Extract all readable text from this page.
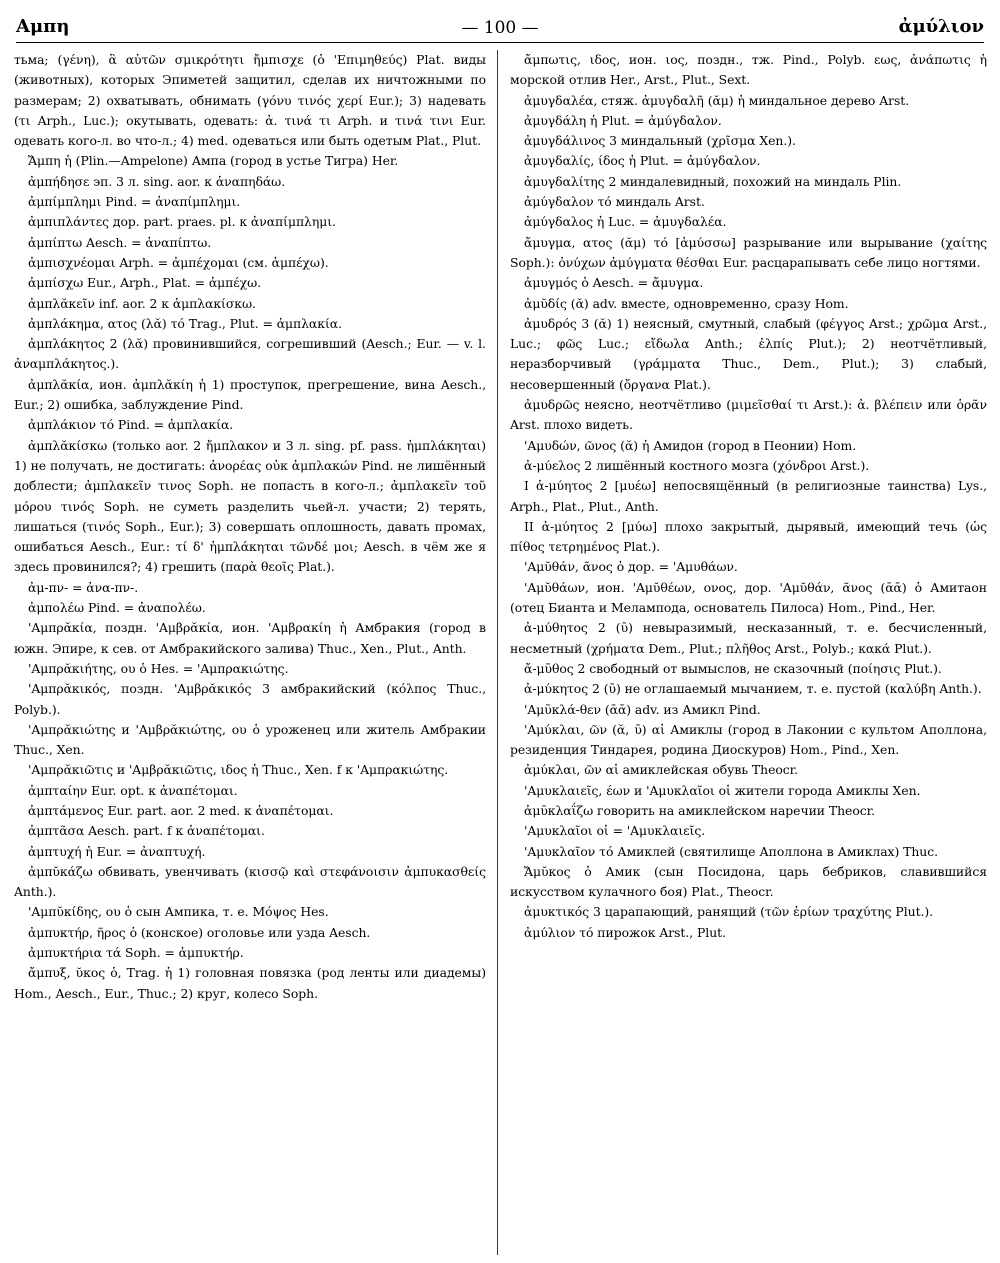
Αμπη	— 100 —	ἀμύλιον

тьма; (γένη), ἃ αὐτῶν σμικρότητι ἤμπισχε (ὁ 'Επιμηθεύς) Plat. виды (животных), которых Эпиметей защитил, сделав их ничтожными по размерам; 2) охватывать, обнимать (γόνυ τινός χερί Eur.); 3) надевать (τι Arph., Luc.); окутывать, одевать: ἀ. τινά τι Arph. и τινά τινι Eur. одевать кого-л. во что-л.; 4) med. одеваться или быть одетым Plat., Plut.

Ἄμπη ἡ (Plin.—Ampelone) Ампа (город в устье Тигра) Her.

ἀμπήδησε эп. 3 л. sing. aor. к ἀναπηδάω.

ἀμπίμπλημι Pind. = ἀναπίμπλημι.

ἀμπιπλάντες дор. part. praes. pl. к ἀναπίμπλημι.

ἀμπίπτω Aesch. = ἀναπίπτω.

ἀμπισχνέομαι Arph. = ἀμπέχομαι (см. ἀμπέχω).

ἀμπίσχω Eur., Arph., Plat. = ἀμπέχω.

ἀμπλᾰκεῖν inf. aor. 2 к ἀμπλακίσκω.

ἀμπλάκημα, ατος (λᾰ) τό Trag., Plut. = ἀμπλακία.

ἀμπλάκητος 2 (λᾰ) провинившийся, согрешивший (Aesch.; Eur. — v. l. ἀναμπλάκητος.).

ἀμπλᾰκία, ион. ἀμπλᾰκίη ἡ 1) проступок, прегрешение, вина Aesch., Eur.; 2) ошибка, заблуждение Pind.

ἀμπλάκιον τό Pind. = ἀμπλακία.

ἀμπλᾰκίσκω (только aor. 2 ἤμπλακον и 3 л. sing. pf. pass. ἠμπλάκηται) 1) не получать, не достигать: ἀνορέας οὐκ ἀμπλακών Pind. не лишённый доблести; ἀμπλακεῖν τινος Soph. не попасть в кого-л.; ἀμπλακεῖν τοῦ μόρου τινός Soph. не суметь разделить чьей-л. участи; 2) терять, лишаться (τινός Soph., Eur.); 3) совершать оплошность, давать промах, ошибаться Aesch., Eur.: τί δ' ἠμπλάκηται τῶνδέ μοι; Aesch. в чём же я здесь провинился?; 4) грешить (παρὰ θεοῖς Plat.).

ἀμ-πν- = ἀνα-πν-.

ἀμπολέω Pind. = ἀναπολέω.

'Αμπρᾰκία, поздн. 'Αμβρᾰκία, ион. 'Αμβρακίη ἡ Амбракия (город в южн. Эпире, к сев. от Амбракийского залива) Thuc., Xen., Plut., Anth.

'Αμπρᾰκιήτης, ου ὁ Hes. = 'Αμπρακιώτης.

'Αμπρᾰκικός, поздн. 'Αμβρᾰκικός 3 амбракийский (κόλπος Thuc., Polyb.).

'Αμπρᾰκιώτης и 'Αμβρᾰκιώτης, ου ὁ уроженец или житель Амбракии Thuc., Xen.

'Αμπρᾰκιῶτις и 'Αμβρᾰκιῶτις, ιδος ἡ Thuc., Xen. f к 'Αμπρακιώτης.

ἀμπταίην Eur. opt. к ἀναπέτομαι.

ἀμπτάμενος Eur. part. aor. 2 med. к ἀναπέτομαι.

ἀμπτᾶσα Aesch. part. f к ἀναπέτομαι.

ἀμπτυχή ἡ Eur. = ἀναπτυχή.

ἀμπῠκάζω обвивать, увенчивать (κισσῷ καὶ στεφάνοισιν ἀμπυκασθείς Anth.).

'Αμπῠκίδης, ου ὁ сын Ампика, т. е. Μόψος Hes.

ἀμπυκτήρ, ῆρος ὁ (конское) оголовье или узда Aesch.

ἀμπυκτήρια τά Soph. = ἀμπυκτήρ.

ἄμπυξ, ῠκος ὁ, Trag. ἡ 1) головная повязка (род ленты или диадемы) Hom., Aesch., Eur., Thuc.; 2) круг, колесо Soph.

ἄμπωτις, ιδος, ион. ιος, поздн., тж. Pind., Polyb. εως, ἀνάπωτις ἡ морской отлив Her., Arst., Plut., Sext.

ἀμυγδαλέα, стяж. ἀμυγδαλῆ (ᾰμ) ἡ миндальное дерево Arst.

ἀμυγδάλη ἡ Plut. = ἀμύγδαλον.

ἀμυγδάλινος 3 миндальный (χρῖσμα Xen.).

ἀμυγδαλίς, ίδος ἡ Plut. = ἀμύγδαλον.

ἀμυγδαλίτης 2 миндалевидный, похожий на миндаль Plin.

ἀμύγδαλον τό миндаль Arst.

ἀμύγδαλος ἡ Luc. = ἀμυγδαλέα.

ἄμυγμα, ατος (ᾰμ) τό [ἀμύσσω] разрывание или вырывание (χαίτης Soph.): ὀνύχων ἀμύγματα θέσθαι Eur. расцарапывать себе лицо ногтями.

ἀμυγμός ὁ Aesch. = ἄμυγμα.

ἀμῠδίς (ᾰ) adv. вместе, одновременно, сразу Hom.

ἀμυδρός 3 (ᾰ) 1) неясный, смутный, слабый (φέγγος Arst.; χρῶμα Arst., Luc.; φῶς Luc.; εἴδωλα Anth.; ἐλπίς Plut.); 2) неотчётливый, неразборчивый (γράμματα Thuc., Dem., Plut.); 3) слабый, несовершенный (ὄργανα Plat.).

ἀμυδρῶς неясно, неотчётливо (μιμεῖσθαί τι Arst.): ἀ. βλέπειν или ὁρᾶν Arst. плохо видеть.

'Αμυδών, ῶνος (ᾰ) ἡ Амидон (город в Пеонии) Hom.

ἀ-μύελος 2 лишённый костного мозга (χόνδροι Arst.).

I ἀ-μύητος 2 [μυέω] непосвящённый (в религиозные таинства) Lys., Arph., Plat., Plut., Anth.

II ἀ-μύητος 2 [μύω] плохо закрытый, дырявый, имеющий течь (ὡς πίθος τετρημένος Plat.).

'Αμῠθάν, ᾶνος ὁ дор. = 'Αμυθάων.

'Αμῠθάων, ион. 'Αμῠθέων, ονος, дор. 'Αμῠθάν, ᾶνος (ᾱᾱ) ὁ Амитаон (отец Бианта и Мелампода, основатель Пилоса) Hom., Pind., Her.

ἀ-μύθητος 2 (ῡ) невыразимый, несказанный, т. е. бесчисленный, несметный (χρήματα Dem., Plut.; πλῆθος Arst., Polyb.; κακά Plut.).

ἄ-μῡθος 2 свободный от вымыслов, не сказочный (ποίησις Plut.).

ἀ-μύκητος 2 (ῡ) не оглашаемый мычанием, т. е. пустой (καλύβη Anth.).

'Αμῡκλά-θεν (ᾱᾱ) adv. из Амикл Pind.

'Αμύκλαι, ῶν (ᾰ, ῡ) αἱ Амиклы (город в Лаконии с культом Аполлона, резиденция Тиндарея, родина Диоскуров) Hom., Pind., Xen.

ἀμύκλαι, ῶν αἱ амиклейская обувь Theocr.

'Αμυκλαιεῖς, έων и 'Αμυκλαῖοι οἱ жители города Амиклы Xen.

ἀμῡκλαΐζω говорить на амиклейском наречии Theocr.

'Αμυκλαῖοι οἱ = 'Αμυκλαιεῖς.

'Αμυκλαῖον τό Амиклей (святилище Аполлона в Амиклах) Thuc.

Ἄμῠκος ὁ Амик (сын Посидона, царь бебриков, славившийся искусством кулачного боя) Plat., Theocr.

ἀμυκτικός 3 царапающий, ранящий (τῶν ἐρίων τραχύτης Plut.).

ἀμύλιον τό пирожок Arst., Plut.
